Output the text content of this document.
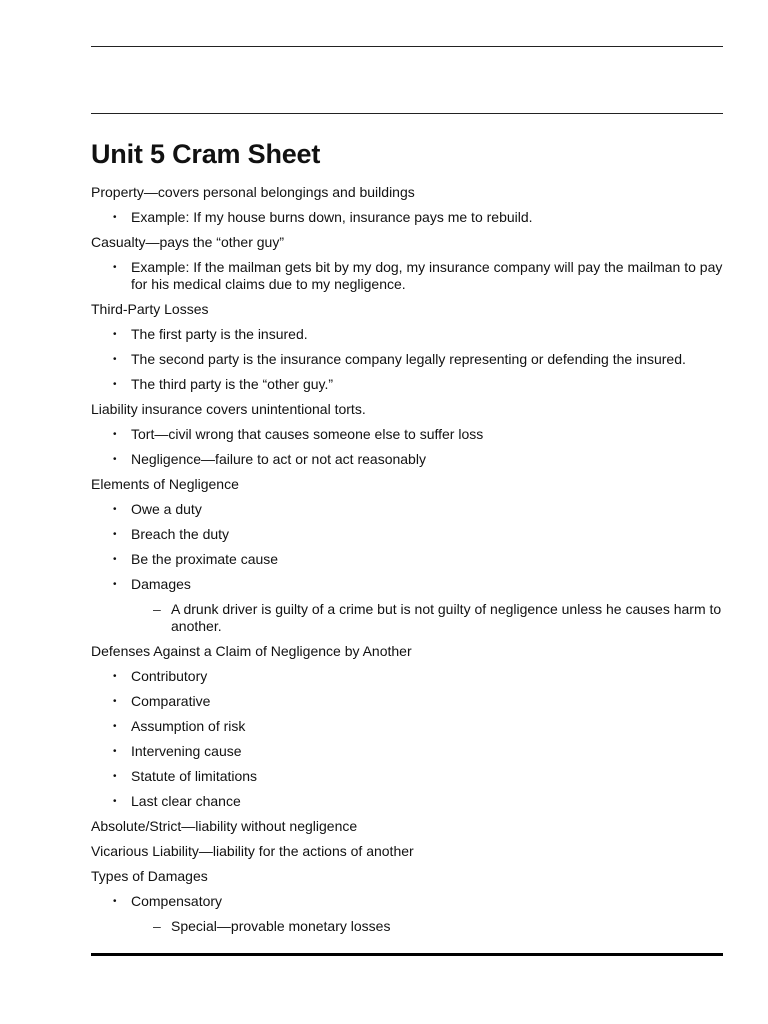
Unit 5 Cram Sheet
Property—covers personal belongings and buildings
• Example: If my house burns down, insurance pays me to rebuild.
Casualty—pays the “other guy”
• Example: If the mailman gets bit by my dog, my insurance company will pay the mailman to pay for his medical claims due to my negligence.
Third-Party Losses
• The first party is the insured.
• The second party is the insurance company legally representing or defending the insured.
• The third party is the “other guy.”
Liability insurance covers unintentional torts.
• Tort—civil wrong that causes someone else to suffer loss
• Negligence—failure to act or not act reasonably
Elements of Negligence
• Owe a duty
• Breach the duty
• Be the proximate cause
• Damages
– A drunk driver is guilty of a crime but is not guilty of negligence unless he causes harm to another.
Defenses Against a Claim of Negligence by Another
• Contributory
• Comparative
• Assumption of risk
• Intervening cause
• Statute of limitations
• Last clear chance
Absolute/Strict—liability without negligence
Vicarious Liability—liability for the actions of another
Types of Damages
• Compensatory
– Special—provable monetary losses
